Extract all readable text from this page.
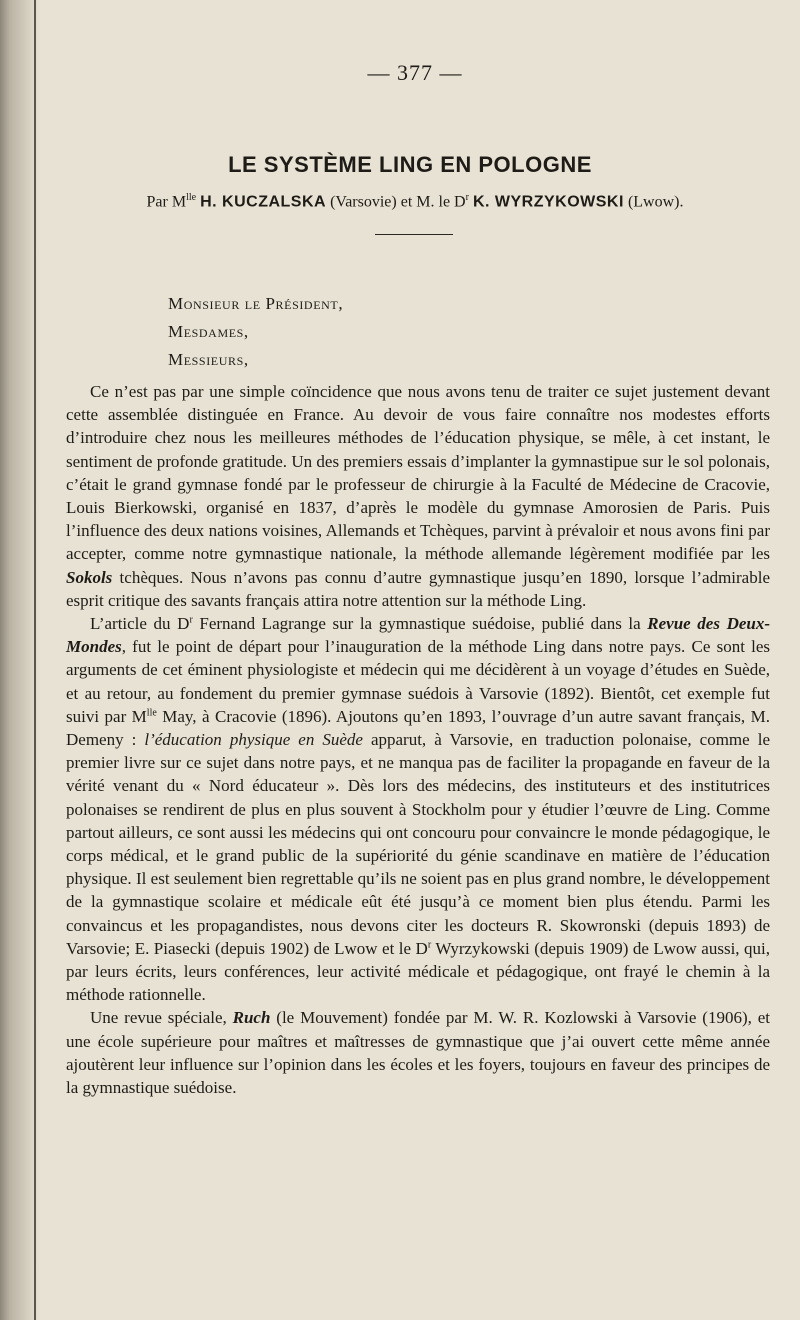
— 377 —
LE SYSTÈME LING EN POLOGNE
Par $M^{lle}$ H. KUCZALSKA (Varsovie) et M. le $D^r$ K. WYRZYKOWSKI (Lwow).
Monsieur le Président,
Mesdames,
Messieurs,

Ce n’est pas par une simple coïncidence que nous avons tenu de traiter ce sujet justement devant cette assemblée distinguée en France. Au devoir de vous faire connaître nos modestes efforts d’introduire chez nous les meilleures méthodes de l’éducation physique, se mêle, à cet instant, le sentiment de profonde gratitude. Un des premiers essais d’implanter la gymnastipue sur le sol polonais, c’était le grand gymnase fondé par le professeur de chirurgie à la Faculté de Médecine de Cracovie, Louis Bierkowski, organisé en 1837, d’après le modèle du gymnase Amorosien de Paris. Puis l’influence des deux nations voisines, Allemands et Tchèques, parvint à prévaloir et nous avons fini par accepter, comme notre gymnastique nationale, la méthode allemande légèrement modifiée par les Sokols tchèques. Nous n’avons pas connu d’autre gymnastique jusqu’en 1890, lorsque l’admirable esprit critique des savants français attira notre attention sur la méthode Ling.

L’article du $D^r$ Fernand Lagrange sur la gymnastique suédoise, publié dans la Revue des Deux-Mondes, fut le point de départ pour l’inauguration de la méthode Ling dans notre pays. Ce sont les arguments de cet éminent physiologiste et médecin qui me décidèrent à un voyage d’études en Suède, et au retour, au fondement du premier gymnase suédois à Varsovie (1892). Bientôt, cet exemple fut suivi par $M^{lle}$ May, à Cracovie (1896). Ajoutons qu’en 1893, l’ouvrage d’un autre savant français, M. Demeny : l’éducation physique en Suède apparut, à Varsovie, en traduction polonaise, comme le premier livre sur ce sujet dans notre pays, et ne manqua pas de faciliter la propagande en faveur de la vérité venant du « Nord éducateur ». Dès lors des médecins, des instituteurs et des institutrices polonaises se rendirent de plus en plus souvent à Stockholm pour y étudier l’œuvre de Ling. Comme partout ailleurs, ce sont aussi les médecins qui ont concouru pour convaincre le monde pédagogique, le corps médical, et le grand public de la supériorité du génie scandinave en matière de l’éducation physique. Il est seulement bien regrettable qu’ils ne soient pas en plus grand nombre, le développement de la gymnastique scolaire et médicale eût été jusqu’à ce moment bien plus étendu. Parmi les convaincus et les propagandistes, nous devons citer les docteurs R. Skowronski (depuis 1893) de Varsovie; E. Piasecki (depuis 1902) de Lwow et le $D^r$ Wyrzykowski (depuis 1909) de Lwow aussi, qui, par leurs écrits, leurs conférences, leur activité médicale et pédagogique, ont frayé le chemin à la méthode rationnelle.

Une revue spéciale, Ruch (le Mouvement) fondée par M. W. R. Kozlowski à Varsovie (1906), et une école supérieure pour maîtres et maîtresses de gymnastique que j’ai ouvert cette même année ajoutèrent leur influence sur l’opinion dans les écoles et les foyers, toujours en faveur des principes de la gymnastique suédoise.
